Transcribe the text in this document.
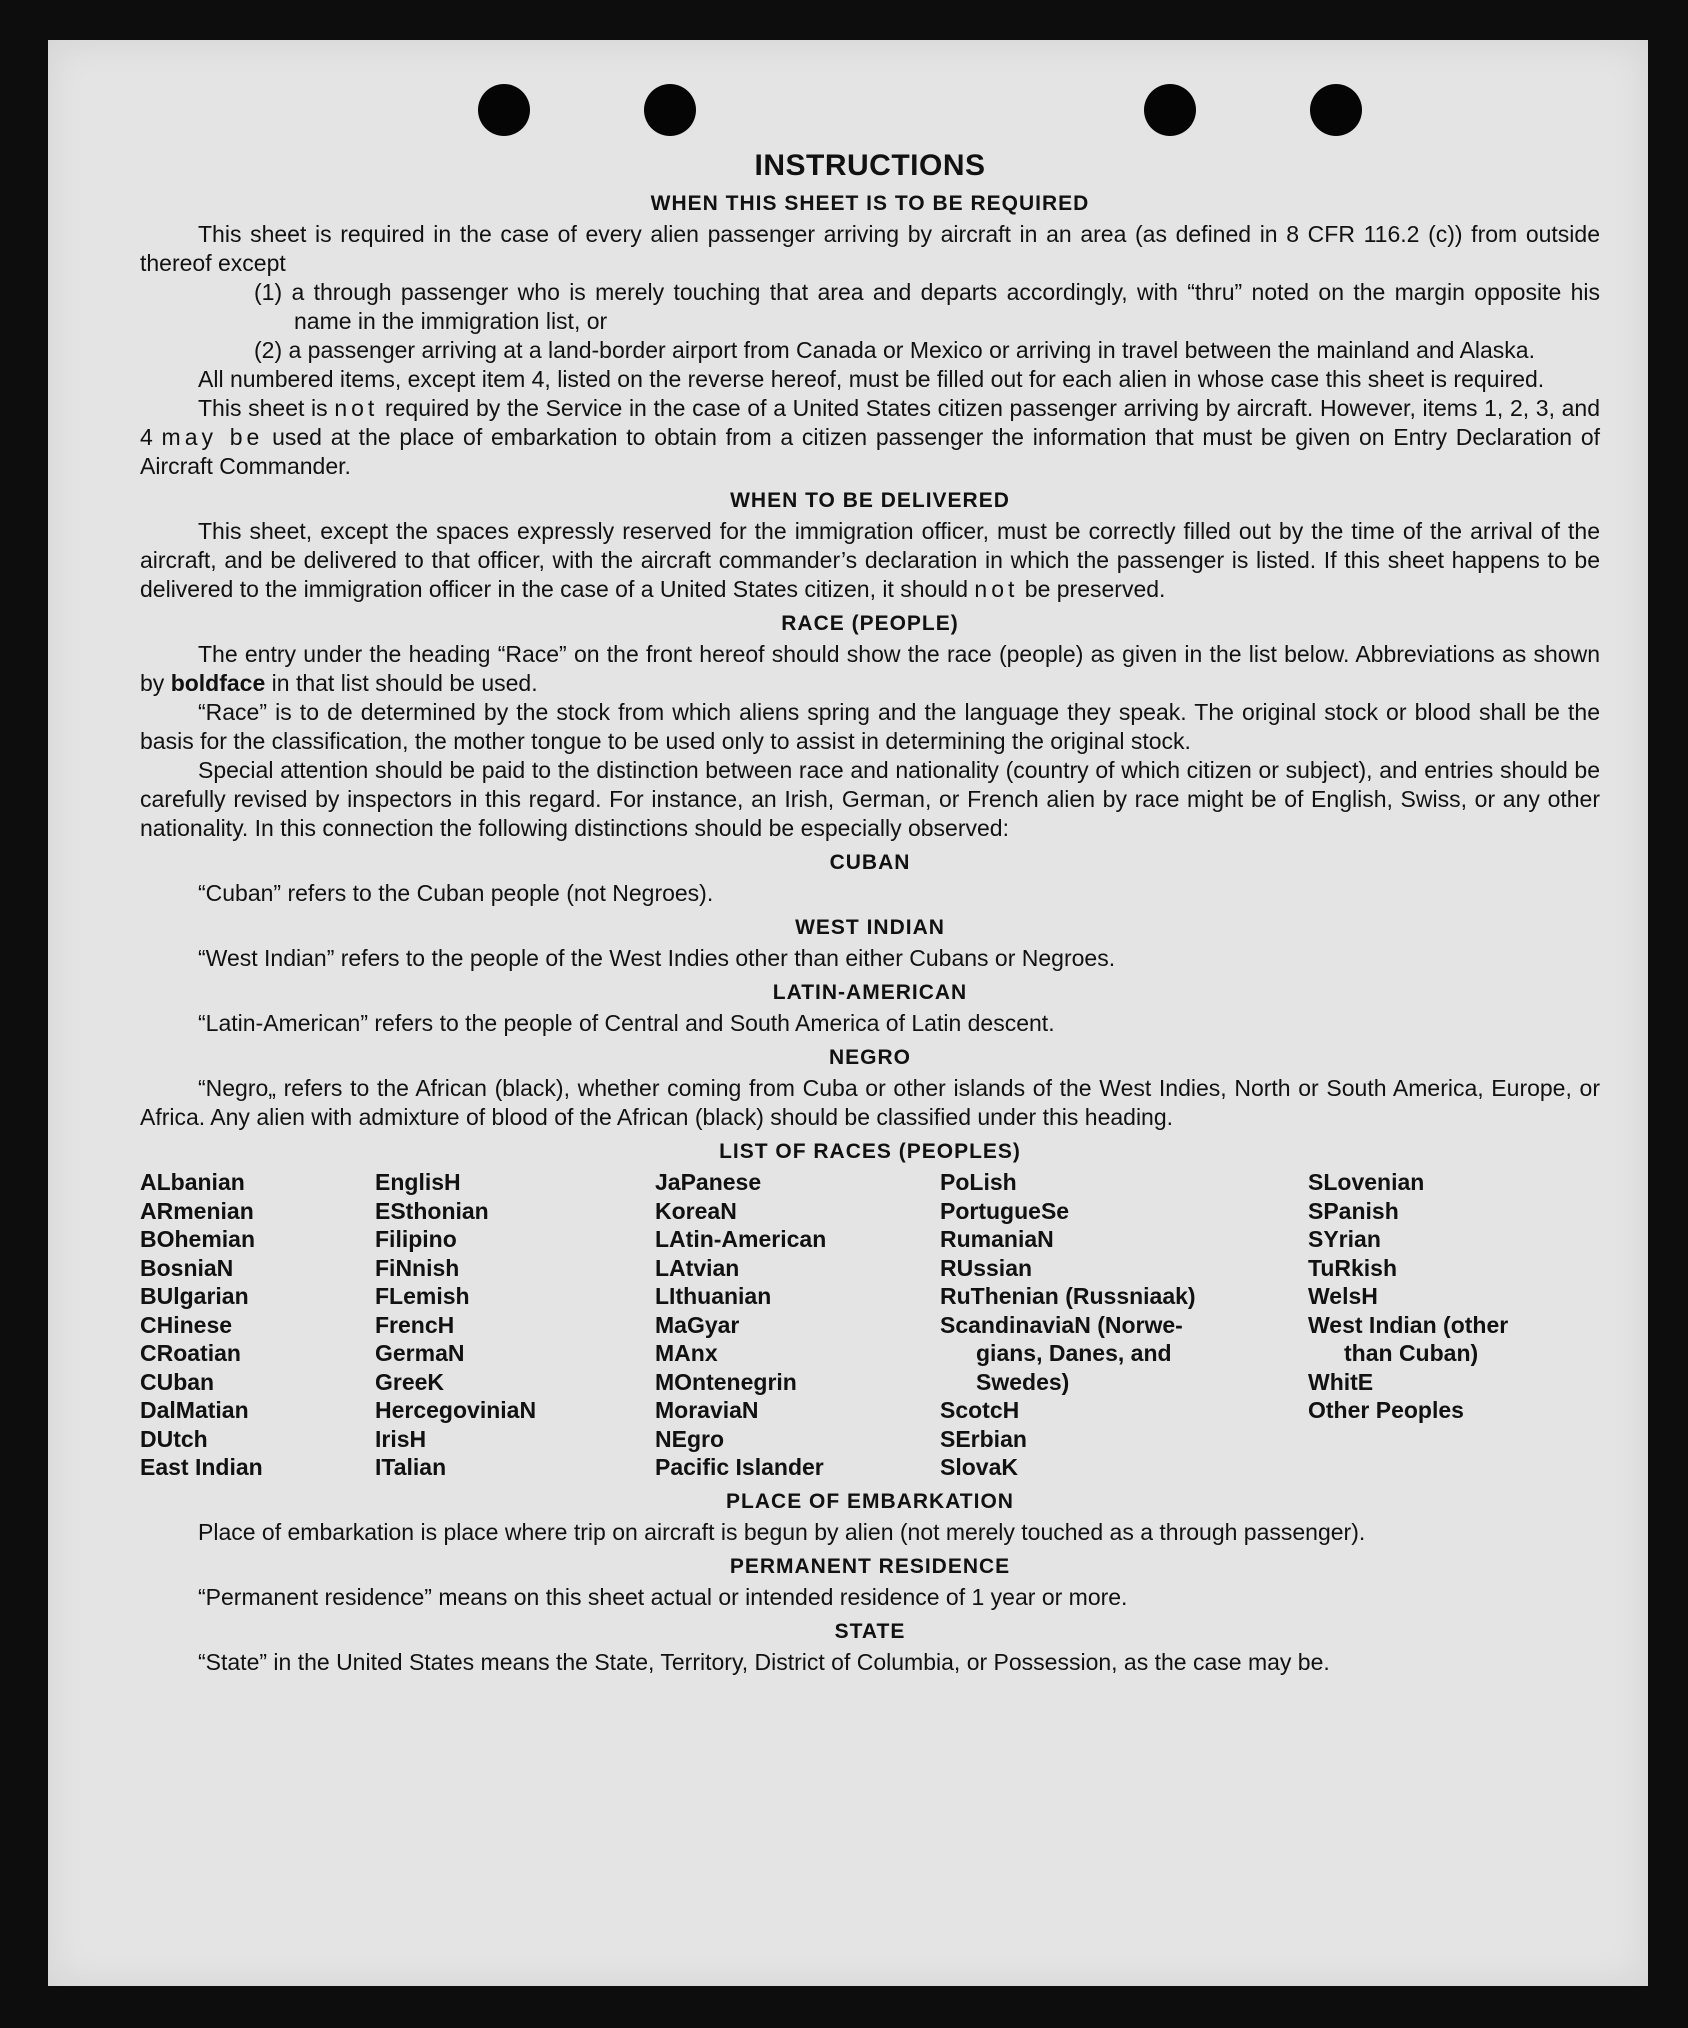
INSTRUCTIONS
WHEN THIS SHEET IS TO BE REQUIRED

This sheet is required in the case of every alien passenger arriving by aircraft in an area (as defined in 8 CFR 116.2 (c)) from outside thereof except

(1) a through passenger who is merely touching that area and departs accordingly, with “thru” noted on the margin opposite his name in the immigration list, or

(2) a passenger arriving at a land-border airport from Canada or Mexico or arriving in travel between the mainland and Alaska.

All numbered items, except item 4, listed on the reverse hereof, must be filled out for each alien in whose case this sheet is required.

This sheet is not required by the Service in the case of a United States citizen passenger arriving by aircraft. However, items 1, 2, 3, and 4 may be used at the place of embarkation to obtain from a citizen passenger the information that must be given on Entry Declaration of Aircraft Commander.

WHEN TO BE DELIVERED

This sheet, except the spaces expressly reserved for the immigration officer, must be correctly filled out by the time of the arrival of the aircraft, and be delivered to that officer, with the aircraft commander’s declaration in which the passenger is listed. If this sheet happens to be delivered to the immigration officer in the case of a United States citizen, it should not be preserved.

RACE (PEOPLE)

The entry under the heading “Race” on the front hereof should show the race (people) as given in the list below. Abbreviations as shown by boldface in that list should be used.

“Race” is to de determined by the stock from which aliens spring and the language they speak. The original stock or blood shall be the basis for the classification, the mother tongue to be used only to assist in determining the original stock.

Special attention should be paid to the distinction between race and nationality (country of which citizen or subject), and entries should be carefully revised by inspectors in this regard. For instance, an Irish, German, or French alien by race might be of English, Swiss, or any other nationality. In this connection the following distinctions should be especially observed:

CUBAN

“Cuban” refers to the Cuban people (not Negroes).

WEST INDIAN

“West Indian” refers to the people of the West Indies other than either Cubans or Negroes.

LATIN-AMERICAN

“Latin-American” refers to the people of Central and South America of Latin descent.

NEGRO

“Negro„ refers to the African (black), whether coming from Cuba or other islands of the West Indies, North or South America, Europe, or Africa. Any alien with admixture of blood of the African (black) should be classified under this heading.

LIST OF RACES (PEOPLES)
ALbanian
ARmenian
BOhemian
BosniaN
BUlgarian
CHinese
CRoatian
CUban
DalMatian
DUtch
East Indian
EnglisH
ESthonian
Filipino
FiNnish
FLemish
FrencH
GermaN
GreeK
HercegoviniaN
IrisH
ITalian
JaPanese
KoreaN
LAtin-American
LAtvian
LIthuanian
MaGyar
MAnx
MOntenegrin
MoraviaN
NEgro
Pacific Islander
PoLish
PortugueSe
RumaniaN
RUssian
RuThenian (Russniaak)
ScandinaviaN (Norwe-
gians, Danes, and
Swedes)
ScotcH
SErbian
SlovaK
SLovenian
SPanish
SYrian
TuRkish
WelsH
West Indian (other
than Cuban)
WhitE
Other Peoples
PLACE OF EMBARKATION

Place of embarkation is place where trip on aircraft is begun by alien (not merely touched as a through passenger).

PERMANENT RESIDENCE

“Permanent residence” means on this sheet actual or intended residence of 1 year or more.

STATE

“State” in the United States means the State, Territory, District of Columbia, or Possession, as the case may be.
